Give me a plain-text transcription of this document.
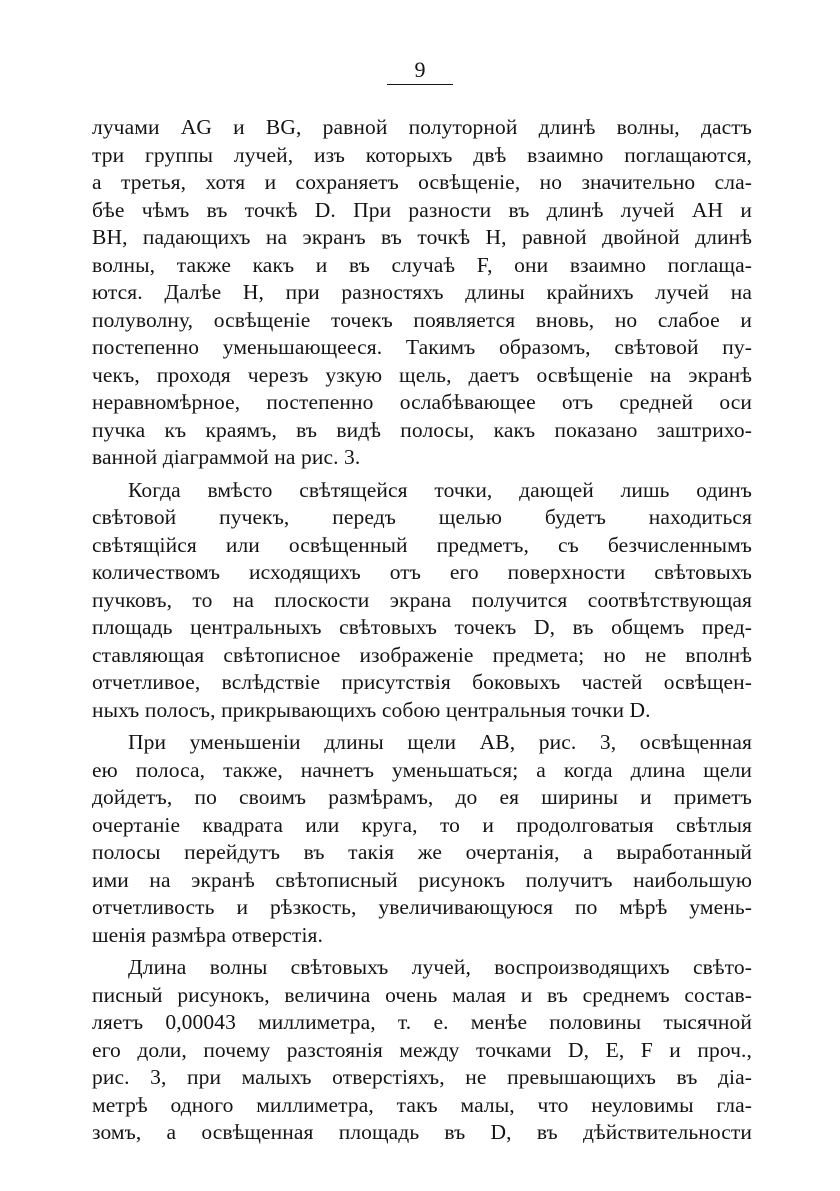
9
лучами AG и BG, равной полуторной длинѣ волны, дастъ
три группы лучей, изъ которыхъ двѣ взаимно поглащаются,
а третья, хотя и сохраняетъ освѣщеніе, но значительно сла-
бѣе чѣмъ въ точкѣ D. При разности въ длинѣ лучей AH и
BH, падающихъ на экранъ въ точкѣ H, равной двойной длинѣ
волны, также какъ и въ случаѣ F, они взаимно поглаща-
ются. Далѣе H, при разностяхъ длины крайнихъ лучей на
полуволну, освѣщеніе точекъ появляется вновь, но слабое и
постепенно уменьшающееся. Такимъ образомъ, свѣтовой пу-
чекъ, проходя черезъ узкую щель, даетъ освѣщеніе на экранѣ
неравномѣрное, постепенно ослабѣвающее отъ средней оси
пучка къ краямъ, въ видѣ полосы, какъ показано заштрихо-
ванной діаграммой на рис. 3.
Когда вмѣсто свѣтящейся точки, дающей лишь одинъ
свѣтовой пучекъ, передъ щелью будетъ находиться
свѣтящійся или освѣщенный предметъ, съ безчисленнымъ
количествомъ исходящихъ отъ его поверхности свѣтовыхъ
пучковъ, то на плоскости экрана получится соотвѣтствующая
площадь центральныхъ свѣтовыхъ точекъ D, въ общемъ пред-
ставляющая свѣтописное изображеніе предмета; но не вполнѣ
отчетливое, вслѣдствіе присутствія боковыхъ частей освѣщен-
ныхъ полосъ, прикрывающихъ собою центральныя точки D.
При уменьшеніи длины щели AB, рис. 3, освѣщенная
ею полоса, также, начнетъ уменьшаться; а когда длина щели
дойдетъ, по своимъ размѣрамъ, до ея ширины и приметъ
очертаніе квадрата или круга, то и продолговатыя свѣтлыя
полосы перейдутъ въ такія же очертанія, а выработанный
ими на экранѣ свѣтописный рисунокъ получитъ наибольшую
отчетливость и рѣзкость, увеличивающуюся по мѣрѣ умень-
шенія размѣра отверстія.
Длина волны свѣтовыхъ лучей, воспроизводящихъ свѣто-
писный рисунокъ, величина очень малая и въ среднемъ состав-
ляетъ 0,00043 миллиметра, т. е. менѣе половины тысячной
его доли, почему разстоянія между точками D, E, F и проч.,
рис. 3, при малыхъ отверстіяхъ, не превышающихъ въ діа-
метрѣ одного миллиметра, такъ малы, что неуловимы гла-
зомъ, а освѣщенная площадь въ D, въ дѣйствительности
